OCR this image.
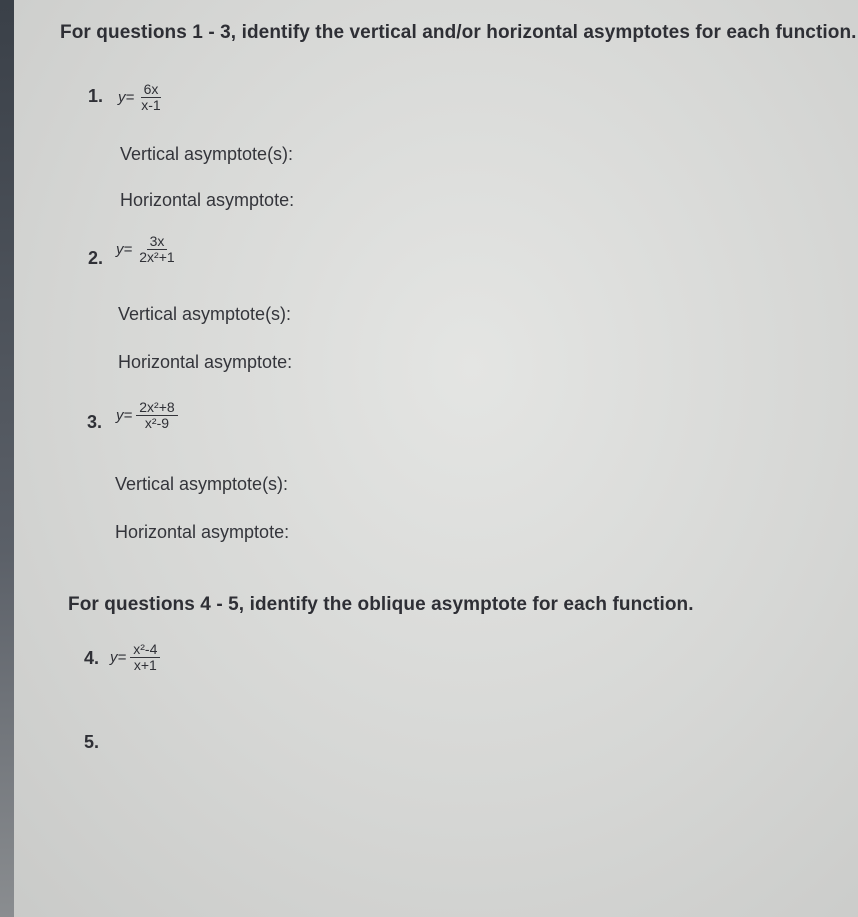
For questions 1 - 3, identify the vertical and/or horizontal asymptotes for each function.
1. $y= \frac{6x}{x-1}$
Vertical asymptote(s):
Horizontal asymptote:
2. $y= \frac{3x}{\text{2x²+1}}$
Vertical asymptote(s):
Horizontal asymptote:
3. $y= \frac{\text{2x²+8}}{\text{x²-9}}$
Vertical asymptote(s):
Horizontal asymptote:
For questions 4 - 5, identify the oblique asymptote for each function.
4. $y= \frac{\text{x²-4}}{x+1}$
5.
